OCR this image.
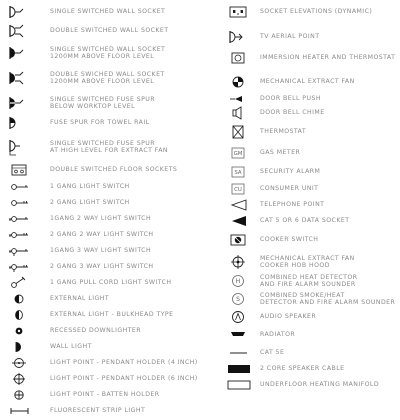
SINGLE SWITCHED WALL SOCKET
DOUBLE SWITCHED WALL SOCKET
SINGLE SWITCHED WALL SOCKET
1200MM ABOVE FLOOR LEVEL
DOUBLE SWICHED WALL SOCKET
1200MM ABOVE FLOOR LEVEL
SINGLE SWITCHED FUSE SPUR
BELOW WORKTOP LEVEL
FUSE SPUR FOR TOWEL RAIL
SINGLE SWITCHED FUSE SPUR
AT HIGH LEVEL FOR EXTRACT FAN
DOUBLE SWITCHED FLOOR SOCKETS
1 GANG LIGHT SWITCH
2 GANG LIGHT SWITCH
1GANG 2 WAY LIGHT SWITCH
2 GANG 2 WAY LIGHT SWITCH
1GANG 3 WAY LIGHT SWITCH
2 GANG 3 WAY LIGHT SWITCH
1 GANG PULL CORD LIGHT SWITCH
EXTERNAL LIGHT
EXTERNAL LIGHT - BULKHEAD TYPE
RECESSED DOWNLIGHTER
WALL LIGHT
LIGHT POINT - PENDANT HOLDER (4 INCH)
LIGHT POINT - PENDANT HOLDER (6 INCH)
LIGHT POINT - BATTEN HOLDER
FLUORESCENT STRIP LIGHT
SOCKET ELEVATIONS (DYNAMIC)
TV AERIAL POINT
IMMERSION HEATER AND THERMOSTAT
MECHANICAL EXTRACT FAN
DOOR BELL PUSH
DOOR BELL CHIME
THERMOSTAT
GM	GAS METER
SA	SECURITY ALARM
CU	CONSUMER UNIT
TELEPHONE POINT
CAT 5 OR 6 DATA SOCKET
COOKER SWITCH
MECHANICAL EXTRACT FAN
COOKER HOB HOOD
H
COMBINED HEAT DETECTOR
AND FIRE ALARM SOUNDER
S
COMBINED SMOKE/HEAT
DETECTOR AND FIRE ALARM SOUNDER
AUDIO SPEAKER
RADIATOR
CAT 5E
2 CORE SPEAKER CABLE
UNDERFLOOR HEATING MANIFOLD
